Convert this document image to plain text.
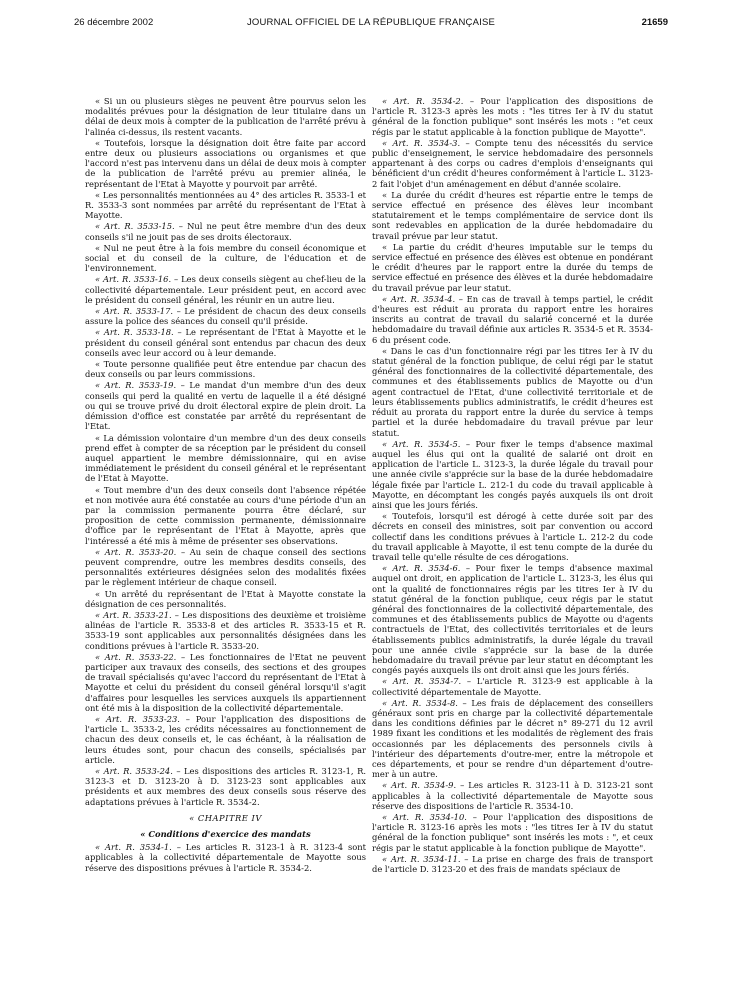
26 décembre 2002	JOURNAL OFFICIEL DE LA RÉPUBLIQUE FRANÇAISE	21659

« Si un ou plusieurs sièges ne peuvent être pourvus selon les modalités prévues pour la désignation de leur titulaire dans un délai de deux mois à compter de la publication de l'arrêté prévu à l'alinéa ci-dessus, ils restent vacants.

« Toutefois, lorsque la désignation doit être faite par accord entre deux ou plusieurs associations ou organismes et que l'accord n'est pas intervenu dans un délai de deux mois à compter de la publication de l'arrêté prévu au premier alinéa, le représentant de l'Etat à Mayotte y pourvoit par arrêté.

« Les personnalités mentionnées au 4° des articles R. 3533-1 et R. 3533-3 sont nommées par arrêté du représentant de l'Etat à Mayotte.

« Art. R. 3533-15. – Nul ne peut être membre d'un des deux conseils s'il ne jouit pas de ses droits électoraux.

« Nul ne peut être à la fois membre du conseil économique et social et du conseil de la culture, de l'éducation et de l'environnement.

« Art. R. 3533-16. – Les deux conseils siègent au chef-lieu de la collectivité départementale. Leur président peut, en accord avec le président du conseil général, les réunir en un autre lieu.

« Art. R. 3533-17. – Le président de chacun des deux conseils assure la police des séances du conseil qu'il préside.

« Art. R. 3533-18. – Le représentant de l'Etat à Mayotte et le président du conseil général sont entendus par chacun des deux conseils avec leur accord ou à leur demande.

« Toute personne qualifiée peut être entendue par chacun des deux conseils ou par leurs commissions.

« Art. R. 3533-19. – Le mandat d'un membre d'un des deux conseils qui perd la qualité en vertu de laquelle il a été désigné ou qui se trouve privé du droit électoral expire de plein droit. La démission d'office est constatée par arrêté du représentant de l'Etat.

« La démission volontaire d'un membre d'un des deux conseils prend effet à compter de sa réception par le président du conseil auquel appartient le membre démissionnaire, qui en avise immédiatement le président du conseil général et le représentant de l'Etat à Mayotte.

« Tout membre d'un des deux conseils dont l'absence répétée et non motivée aura été constatée au cours d'une période d'un an par la commission permanente pourra être déclaré, sur proposition de cette commission permanente, démissionnaire d'office par le représentant de l'Etat à Mayotte, après que l'intéressé a été mis à même de présenter ses observations.

« Art. R. 3533-20. – Au sein de chaque conseil des sections peuvent comprendre, outre les membres desdits conseils, des personnalités extérieures désignées selon des modalités fixées par le règlement intérieur de chaque conseil.

« Un arrêté du représentant de l'Etat à Mayotte constate la désignation de ces personnalités.

« Art. R. 3533-21. – Les dispositions des deuxième et troisième alinéas de l'article R. 3533-8 et des articles R. 3533-15 et R. 3533-19 sont applicables aux personnalités désignées dans les conditions prévues à l'article R. 3533-20.

« Art. R. 3533-22. – Les fonctionnaires de l'Etat ne peuvent participer aux travaux des conseils, des sections et des groupes de travail spécialisés qu'avec l'accord du représentant de l'Etat à Mayotte et celui du président du conseil général lorsqu'il s'agit d'affaires pour lesquelles les services auxquels ils appartiennent ont été mis à la disposition de la collectivité départementale.

« Art. R. 3533-23. – Pour l'application des dispositions de l'article L. 3533-2, les crédits nécessaires au fonctionnement de chacun des deux conseils et, le cas échéant, à la réalisation de leurs études sont, pour chacun des conseils, spécialisés par article.

« Art. R. 3533-24. – Les dispositions des articles R. 3123-1, R. 3123-3 et D. 3123-20 à D. 3123-23 sont applicables aux présidents et aux membres des deux conseils sous réserve des adaptations prévues à l'article R. 3534-2.

« CHAPITRE IV

« Conditions d'exercice des mandats

« Art. R. 3534-1. – Les articles R. 3123-1 à R. 3123-4 sont applicables à la collectivité départementale de Mayotte sous réserve des dispositions prévues à l'article R. 3534-2.

« Art. R. 3534-2. – Pour l'application des dispositions de l'article R. 3123-3 après les mots : "les titres Ier à IV du statut général de la fonction publique" sont insérés les mots : "et ceux régis par le statut applicable à la fonction publique de Mayotte".

« Art. R. 3534-3. – Compte tenu des nécessités du service public d'enseignement, le service hebdomadaire des personnels appartenant à des corps ou cadres d'emplois d'enseignants qui bénéficient d'un crédit d'heures conformément à l'article L. 3123-2 fait l'objet d'un aménagement en début d'année scolaire.

« La durée du crédit d'heures est répartie entre le temps de service effectué en présence des élèves leur incombant statutairement et le temps complémentaire de service dont ils sont redevables en application de la durée hebdomadaire du travail prévue par leur statut.

« La partie du crédit d'heures imputable sur le temps du service effectué en présence des élèves est obtenue en pondérant le crédit d'heures par le rapport entre la durée du temps de service effectué en présence des élèves et la durée hebdomadaire du travail prévue par leur statut.

« Art. R. 3534-4. – En cas de travail à temps partiel, le crédit d'heures est réduit au prorata du rapport entre les horaires inscrits au contrat de travail du salarié concerné et la durée hebdomadaire du travail définie aux articles R. 3534-5 et R. 3534-6 du présent code.

« Dans le cas d'un fonctionnaire régi par les titres Ier à IV du statut général de la fonction publique, de celui régi par le statut général des fonctionnaires de la collectivité départementale, des communes et des établissements publics de Mayotte ou d'un agent contractuel de l'Etat, d'une collectivité territoriale et de leurs établissements publics administratifs, le crédit d'heures est réduit au prorata du rapport entre la durée du service à temps partiel et la durée hebdomadaire du travail prévue par leur statut.

« Art. R. 3534-5. – Pour fixer le temps d'absence maximal auquel les élus qui ont la qualité de salarié ont droit en application de l'article L. 3123-3, la durée légale du travail pour une année civile s'apprécie sur la base de la durée hebdomadaire légale fixée par l'article L. 212-1 du code du travail applicable à Mayotte, en décomptant les congés payés auxquels ils ont droit ainsi que les jours fériés.

« Toutefois, lorsqu'il est dérogé à cette durée soit par des décrets en conseil des ministres, soit par convention ou accord collectif dans les conditions prévues à l'article L. 212-2 du code du travail applicable à Mayotte, il est tenu compte de la durée du travail telle qu'elle résulte de ces dérogations.

« Art. R. 3534-6. – Pour fixer le temps d'absence maximal auquel ont droit, en application de l'article L. 3123-3, les élus qui ont la qualité de fonctionnaires régis par les titres Ier à IV du statut général de la fonction publique, ceux régis par le statut général des fonctionnaires de la collectivité départementale, des communes et des établissements publics de Mayotte ou d'agents contractuels de l'Etat, des collectivités territoriales et de leurs établissements publics administratifs, la durée légale du travail pour une année civile s'apprécie sur la base de la durée hebdomadaire du travail prévue par leur statut en décomptant les congés payés auxquels ils ont droit ainsi que les jours fériés.

« Art. R. 3534-7. – L'article R. 3123-9 est applicable à la collectivité départementale de Mayotte.

« Art. R. 3534-8. – Les frais de déplacement des conseillers généraux sont pris en charge par la collectivité départementale dans les conditions définies par le décret n° 89-271 du 12 avril 1989 fixant les conditions et les modalités de règlement des frais occasionnés par les déplacements des personnels civils à l'intérieur des départements d'outre-mer, entre la métropole et ces départements, et pour se rendre d'un département d'outre-mer à un autre.

« Art. R. 3534-9. – Les articles R. 3123-11 à D. 3123-21 sont applicables à la collectivité départementale de Mayotte sous réserve des dispositions de l'article R. 3534-10.

« Art. R. 3534-10. – Pour l'application des dispositions de l'article R. 3123-16 après les mots : "les titres Ier à IV du statut général de la fonction publique" sont insérés les mots : ", et ceux régis par le statut applicable à la fonction publique de Mayotte".

« Art. R. 3534-11. – La prise en charge des frais de transport de l'article D. 3123-20 et des frais de mandats spéciaux de
